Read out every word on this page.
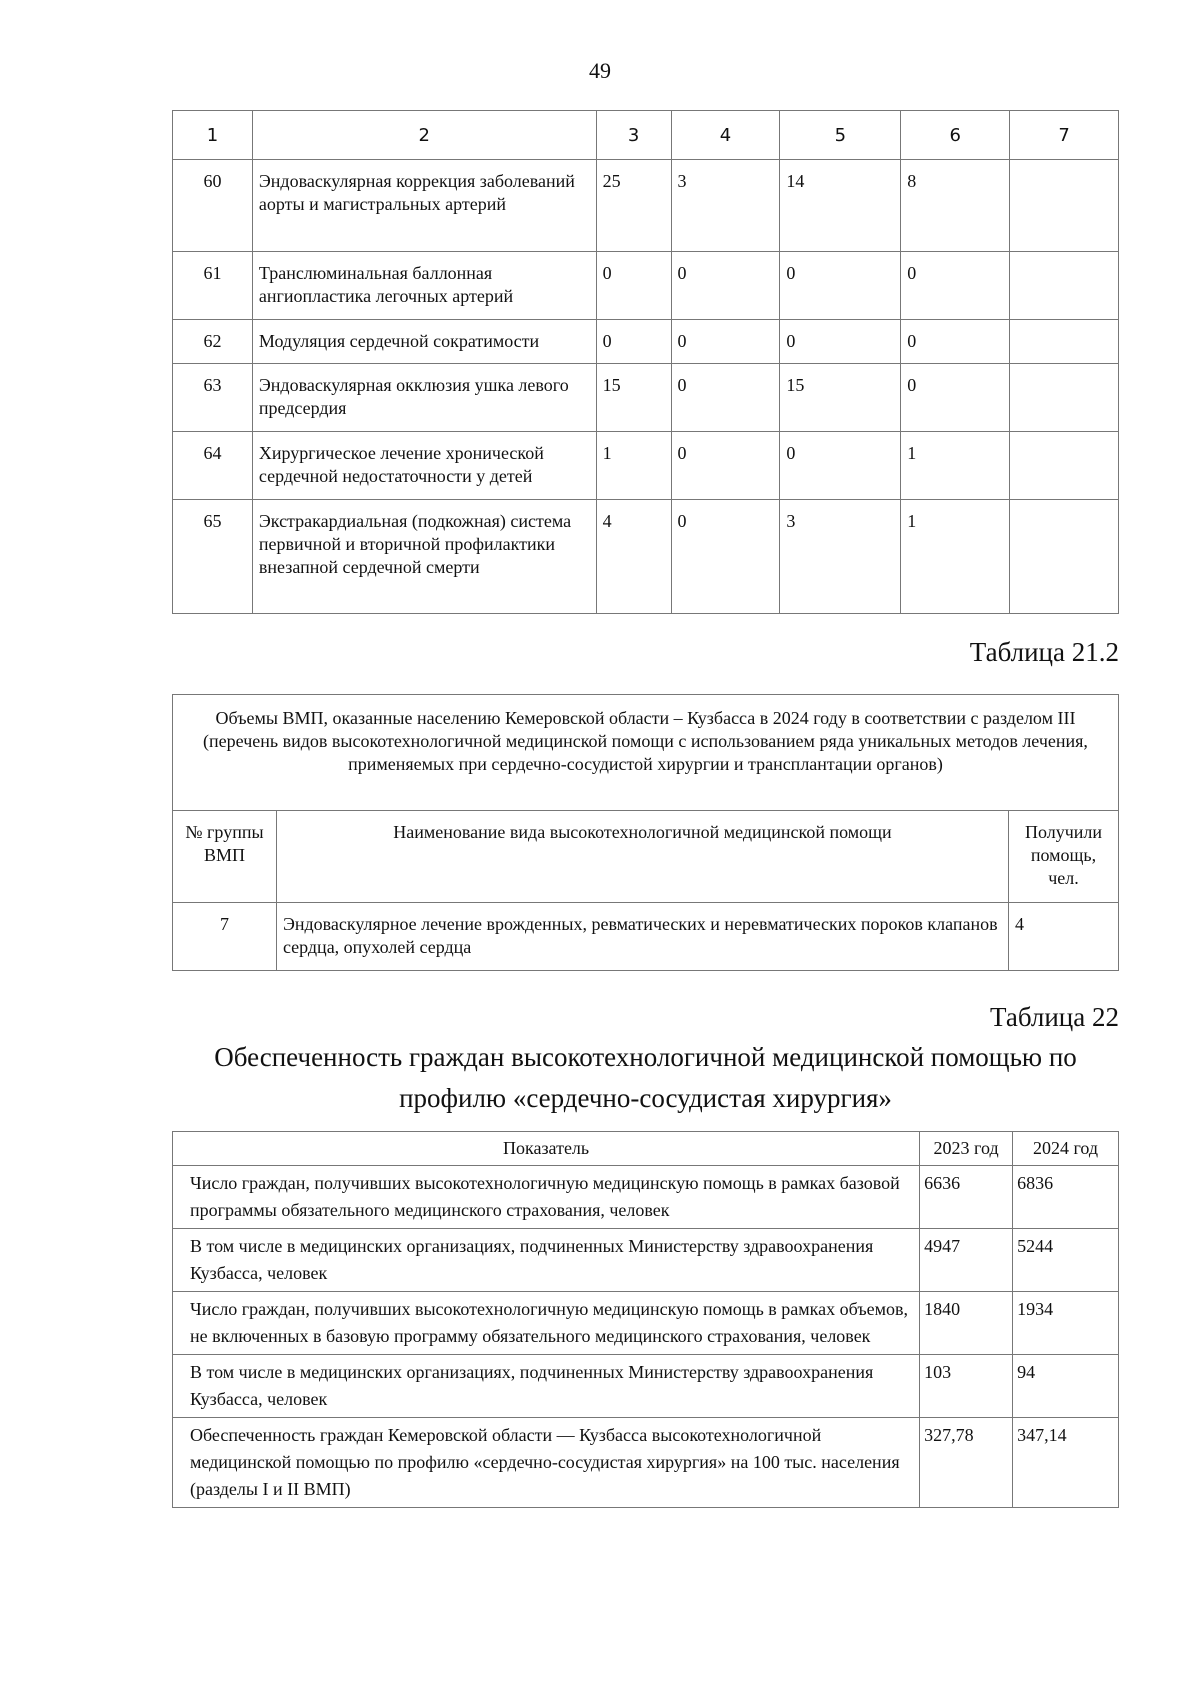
49
1	2	3	4	5	6	7
60	Эндоваскулярная коррекция заболеваний аорты и магистральных артерий	25	3	14	8	
61	Транслюминальная баллонная ангиопластика легочных артерий	0	0	0	0	
62	Модуляция сердечной сократимости	0	0	0	0	
63	Эндоваскулярная окклюзия ушка левого предсердия	15	0	15	0	
64	Хирургическое лечение хронической сердечной недостаточности у детей	1	0	0	1	
65	Экстракардиальная (подкожная) система первичной и вторичной профилактики внезапной сердечной смерти	4	0	3	1	
Таблица 21.2
Объемы ВМП, оказанные населению Кемеровской области – Кузбасса в 2024 году в соответствии с разделом III (перечень видов высокотехнологичной медицинской помощи с использованием ряда уникальных методов лечения, применяемых при сердечно-сосудистой хирургии и трансплантации органов)		
№ группы ВМП	Наименование вида высокотехнологичной медицинской помощи	Получили помощь, чел.
7	Эндоваскулярное лечение врожденных, ревматических и неревматических пороков клапанов сердца, опухолей сердца	4
Таблица 22
Обеспеченность граждан высокотехнологичной медицинской помощью по профилю «сердечно-сосудистая хирургия»
Показатель	2023 год	2024 год
Число граждан, получивших высокотехнологичную медицинскую помощь в рамках базовой программы обязательного медицинского страхования, человек	6636	6836
В том числе в медицинских организациях, подчиненных Министерству здравоохранения Кузбасса, человек	4947	5244
Число граждан, получивших высокотехнологичную медицинскую помощь в рамках объемов, не включенных в базовую программу обязательного медицинского страхования, человек	1840	1934
В том числе в медицинских организациях, подчиненных Министерству здравоохранения Кузбасса, человек	103	94
Обеспеченность граждан Кемеровской области — Кузбасса высокотехнологичной медицинской помощью по профилю «сердечно-сосудистая хирургия» на 100 тыс. населения (разделы I и II ВМП)	327,78	347,14
